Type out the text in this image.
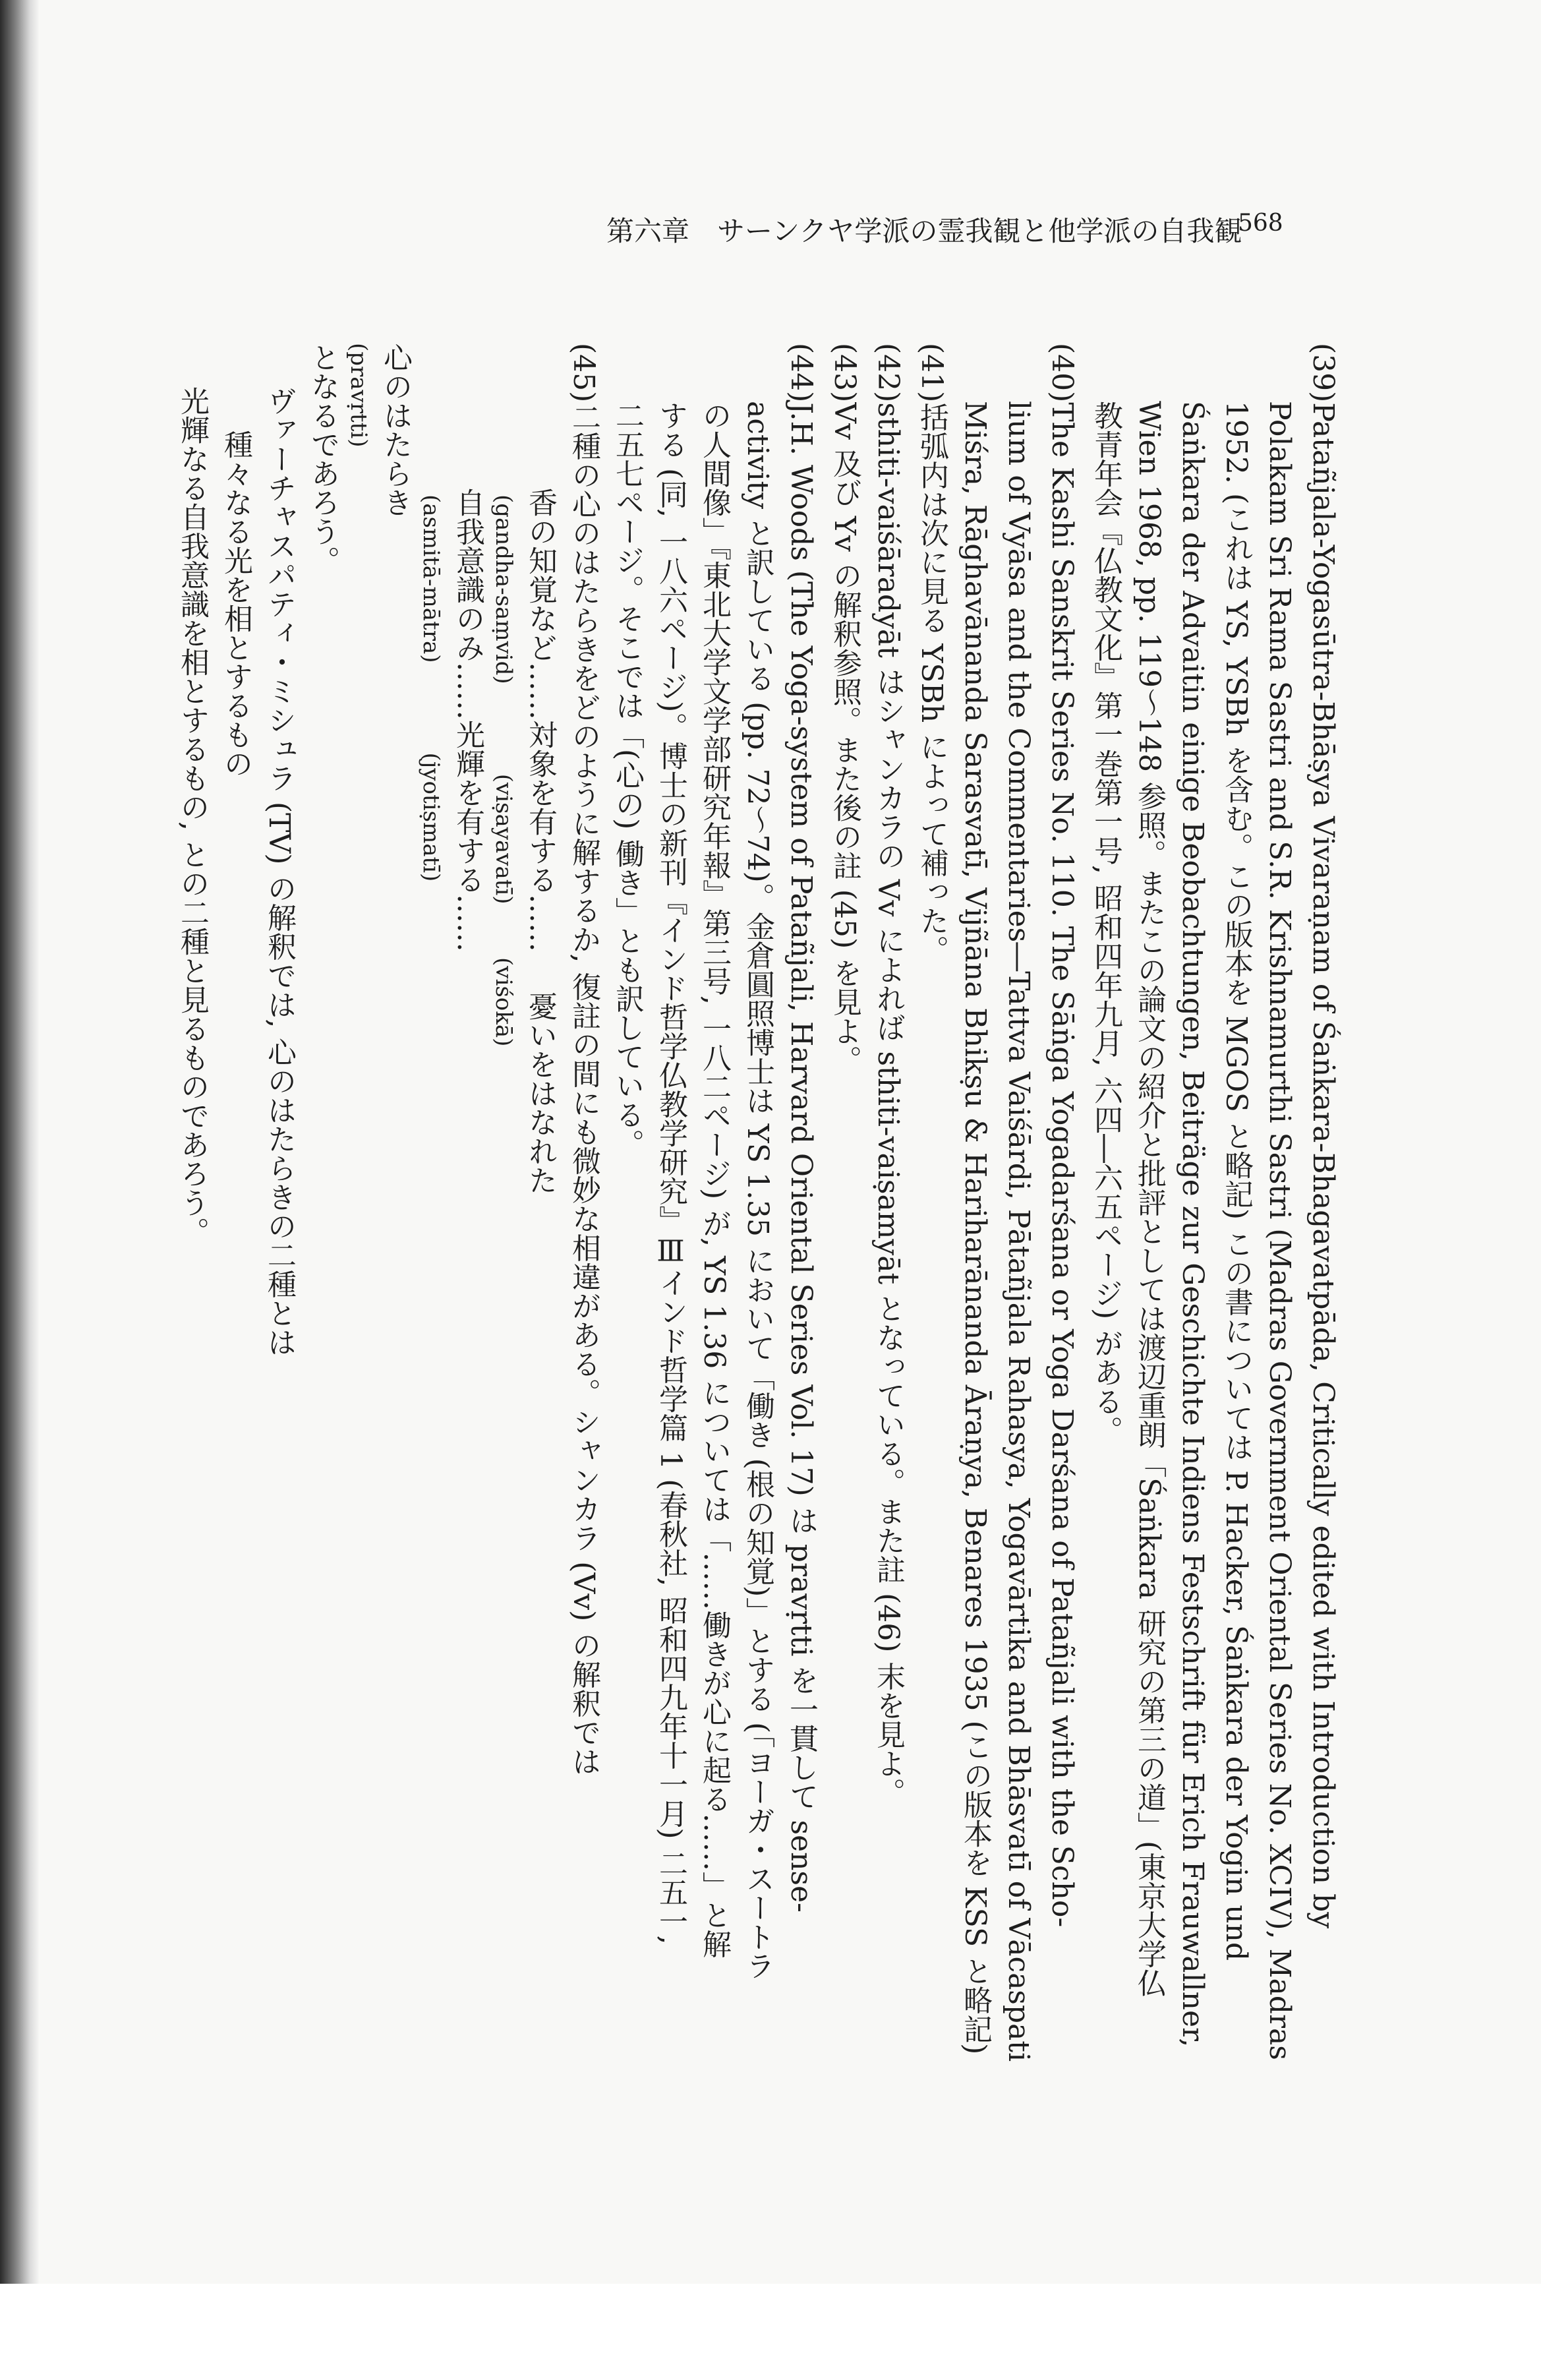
第六章　サーンクヤ学派の霊我観と他学派の自我観
568
(39)Patañjala-Yogasūtra-Bhāṣya Vivaraṇam of Śaṅkara-Bhagavatpāda, Critically edited with Introduction by
Polakam Sri Rama Sastri and S.R. Krishnamurthi Sastri (Madras Government Oriental Series No. XCIV), Madras
1952. (これは YS, YSBh を含む。この版本を MGOS と略記) この書については P. Hacker, Śaṅkara der Yogin und
Śaṅkara der Advaitin einige Beobachtungen, Beiträge zur Geschichte Indiens Festschrift für Erich Frauwallner,
Wien 1968, pp. 119～148 参照。またこの論文の紹介と批評としては渡辺重朗「Śaṅkara 研究の第三の道」(東京大学仏
教青年会『仏教文化』第一巻第一号, 昭和四年九月, 六四―六五ページ) がある。
(40)The Kashi Sanskrit Series No. 110. The Sāṅga Yogadarśana or Yoga Darśana of Patañjali with the Scho-
lium of Vyāsa and the Commentaries―Tattva Vaiśārdi, Pātañjala Rahasya, Yogavārtika and Bhāsvatī of Vācaspati
Miśra, Rāghavānanda Sarasvatī, Vijñāna Bhikṣu & Hariharānanda Āraṇya, Benares 1935 (この版本を KSS と略記)
(41)括弧内は次に見る YSBh によって補った。
(42)sthiti-vaiśāradyāt はシャンカラの Vv によれば sthiti-vaiṣamyāt となっている。また註 (46) 末を見よ。
(43)Vv 及び Yv の解釈参照。また後の註 (45) を見よ。
(44)J.H. Woods (The Yoga-system of Patañjali, Harvard Oriental Series Vol. 17) は pravṛtti を一貫して sense-
activity と訳している (pp. 72～74)。金倉圓照博士は YS 1.35 において「働き (根の知覚)」とする (「ヨーガ・スートラ
の人間像」『東北大学文学部研究年報』第三号, 一八二ページ) が, YS 1.36 については「……働きが心に起る……」と解
する (同, 一八六ページ)。博士の新刊『インド哲学仏教学研究』Ⅲインド哲学篇 1 (春秋社, 昭和四九年十一月) 二五一,
二五七ページ。そこでは「(心の) 働き」とも訳している。
(45)二種の心のはたらきをどのように解するか, 復註の間にも微妙な相違がある。シャンカラ (Vv) の解釈では
香の知覚など……対象を有する……憂いをはなれた
(gandha-saṃvid)　　　　(viṣayavatī)(viśokā)
自我意識のみ……光輝を有する……
(asmitā-mātra)　　　　(jyotiṣmatī)
心のはたらき
(pravṛtti)
となるであろう。
ヴァーチャスパティ・ミシュラ (TV) の解釈では, 心のはたらきの二種とは
種々なる光を相とするもの
光輝なる自我意識を相とするもの, との二種と見るものであろう。
